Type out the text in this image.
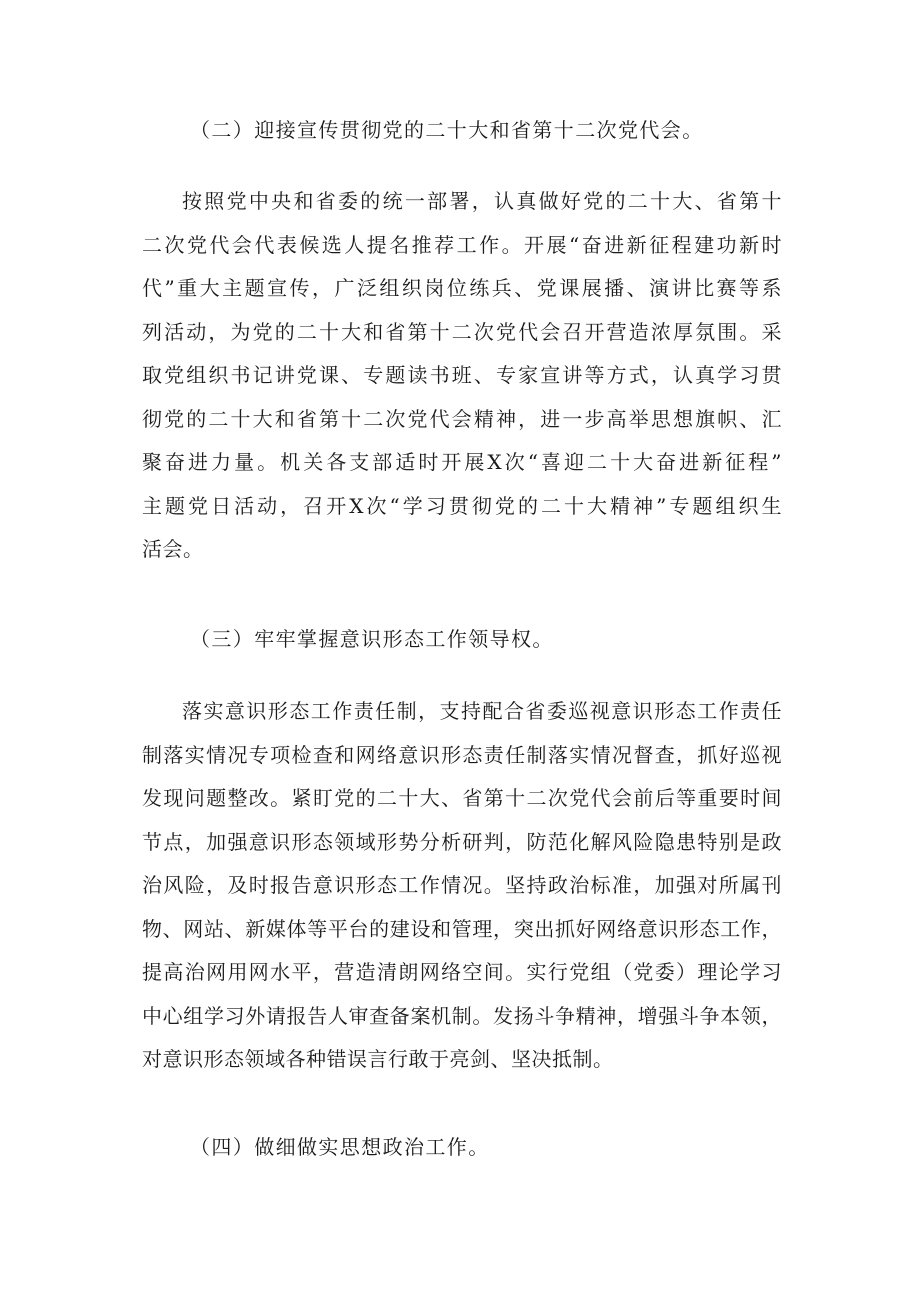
（二）迎接宣传贯彻党的二十大和省第十二次党代会。

按照党中央和省委的统一部署，认真做好党的二十大、省第十
二次党代会代表候选人提名推荐工作。开展“奋进新征程建功新时
代”重大主题宣传，广泛组织岗位练兵、党课展播、演讲比赛等系
列活动，为党的二十大和省第十二次党代会召开营造浓厚氛围。采
取党组织书记讲党课、专题读书班、专家宣讲等方式，认真学习贯
彻党的二十大和省第十二次党代会精神，进一步高举思想旗帜、汇
聚奋进力量。机关各支部适时开展X次“喜迎二十大奋进新征程”
主题党日活动，召开X次“学习贯彻党的二十大精神”专题组织生
活会。

（三）牢牢掌握意识形态工作领导权。

落实意识形态工作责任制，支持配合省委巡视意识形态工作责任
制落实情况专项检查和网络意识形态责任制落实情况督查，抓好巡视
发现问题整改。紧盯党的二十大、省第十二次党代会前后等重要时间
节点，加强意识形态领域形势分析研判，防范化解风险隐患特别是政
治风险，及时报告意识形态工作情况。坚持政治标准，加强对所属刊
物、网站、新媒体等平台的建设和管理，突出抓好网络意识形态工作，
提高治网用网水平，营造清朗网络空间。实行党组（党委）理论学习
中心组学习外请报告人审查备案机制。发扬斗争精神，增强斗争本领，
对意识形态领域各种错误言行敢于亮剑、坚决抵制。

（四）做细做实思想政治工作。
